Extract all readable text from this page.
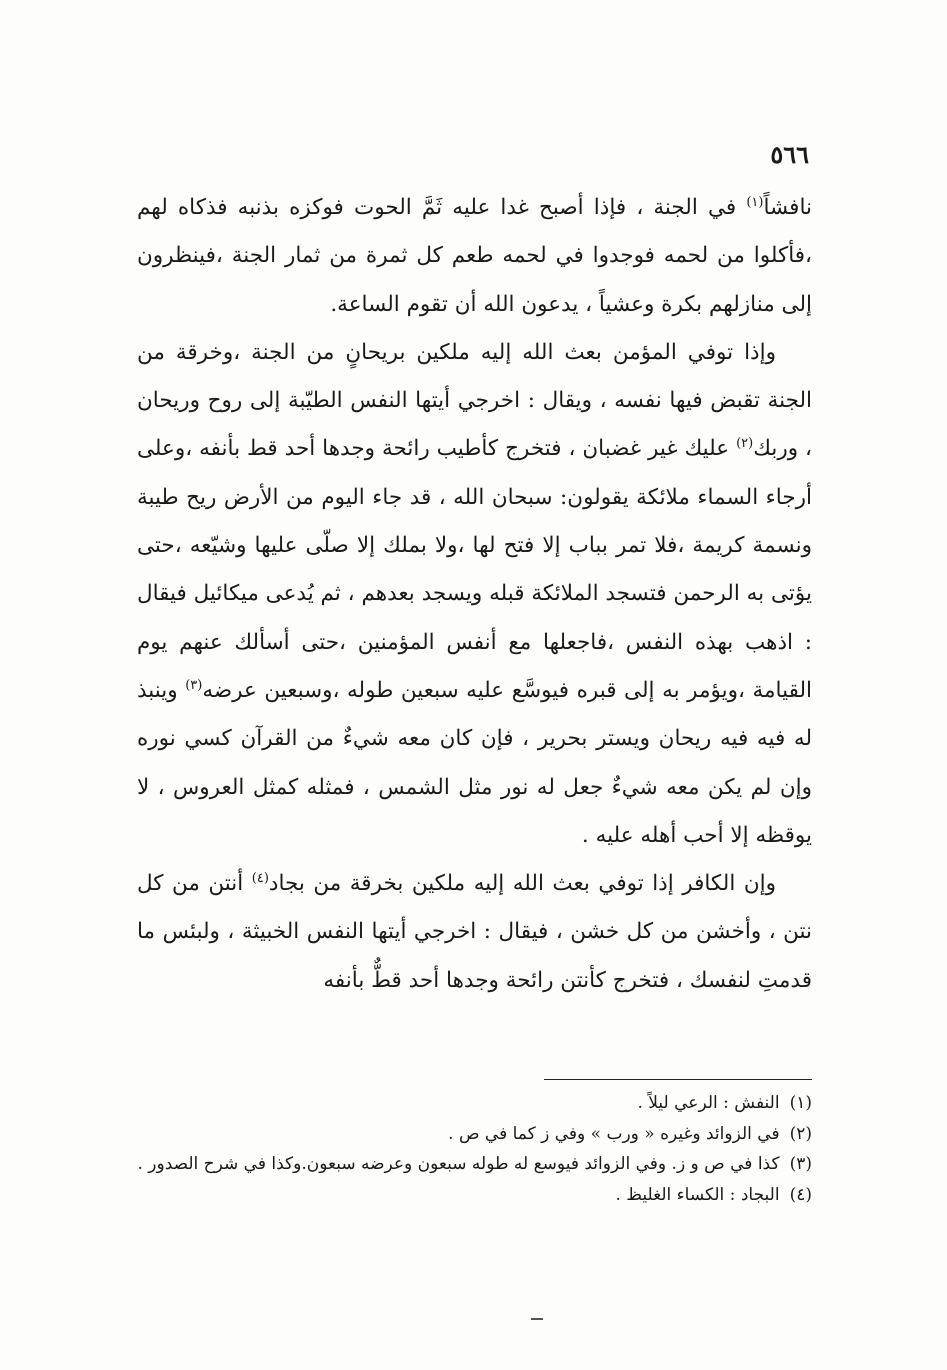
٥٦٦

نافشاً$^{(١)}$ في الجنة ، فإذا أصبح غدا عليه ثَمَّ الحوت فوكزه بذنبه فذكاه لهم ،فأكلوا من لحمه فوجدوا في لحمه طعم كل ثمرة من ثمار الجنة ،فينظرون إلى منازلهم بكرة وعشياً ، يدعون الله أن تقوم الساعة.

وإذا توفي المؤمن بعث الله إليه ملكين بريحانٍ من الجنة ،وخرقة من الجنة تقبض فيها نفسه ، ويقال : اخرجي أيتها النفس الطيّبة إلى روح وريحان ، وربك$^{(٢)}$ عليك غير غضبان ، فتخرج كأطيب رائحة وجدها أحد قط بأنفه ،وعلى أرجاء السماء ملائكة يقولون: سبحان الله ، قد جاء اليوم من الأرض ريح طيبة ونسمة كريمة ،فلا تمر بباب إلا فتح لها ،ولا بملك إلا صلّى عليها وشيّعه ،حتى يؤتى به الرحمن فتسجد الملائكة قبله ويسجد بعدهم ، ثم يُدعى ميكائيل فيقال : اذهب بهذه النفس ،فاجعلها مع أنفس المؤمنين ،حتى أسألك عنهم يوم القيامة ،ويؤمر به إلى قبره فيوسَّع عليه سبعين طوله ،وسبعين عرضه$^{(٣)}$ وينبذ له فيه فيه ريحان ويستر بحرير ، فإن كان معه شيءٌ من القرآن كسي نوره وإن لم يكن معه شيءٌ جعل له نور مثل الشمس ، فمثله كمثل العروس ، لا يوقظه إلا أحب أهله عليه .

وإن الكافر إذا توفي بعث الله إليه ملكين بخرقة من بجاد$^{(٤)}$ أنتن من كل نتن ، وأخشن من كل خشن ، فيقال : اخرجي أيتها النفس الخبيثة ، ولبئس ما قدمتِ لنفسك ، فتخرج كأنتن رائحة وجدها أحد قطٌّ بأنفه

(١)النفش : الرعي ليلاً .

(٢)في الزوائد وغيره « ورب » وفي ز كما في ص .

(٣)كذا في ص و ز. وفي الزوائد فيوسع له طوله سبعون وعرضه سبعون.وكذا في شرح الصدور .

(٤)البجاد : الكساء الغليظ .
